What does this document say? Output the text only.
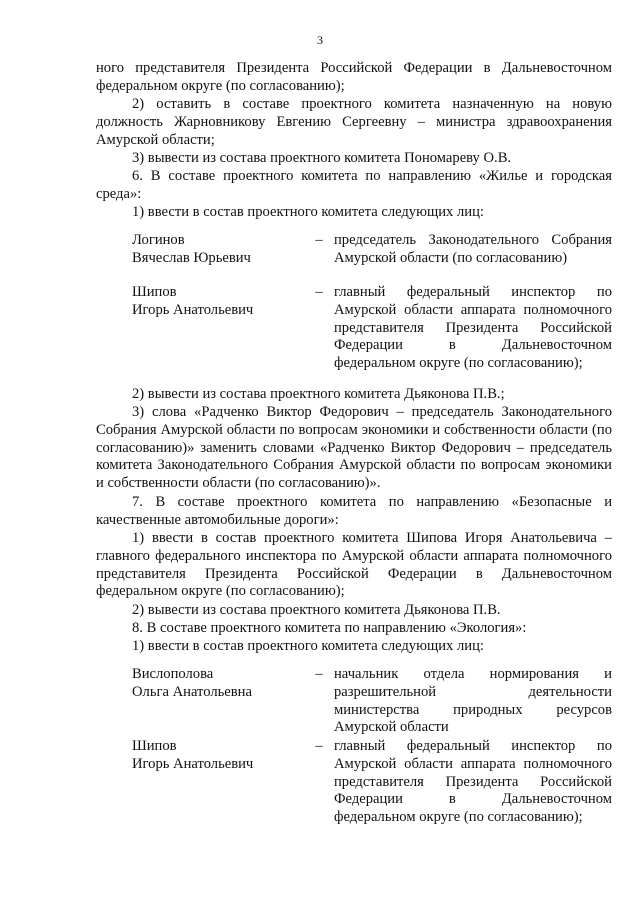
3

ного представителя Президента Российской Федерации в Дальневосточном федеральном округе (по согласованию);

2) оставить в составе проектного комитета назначенную на новую должность Жарновникову Евгению Сергеевну – министра здравоохранения Амурской области;

3) вывести из состава проектного комитета Пономареву О.В.

6. В составе проектного комитета по направлению «Жилье и городская среда»:

1) ввести в состав проектного комитета следующих лиц:

Логинов
Вячеслав Юрьевич
– председатель Законодательного Собрания Амурской области (по согласованию)
Шипов
Игорь Анатольевич
– главный федеральный инспектор по Амурской области аппарата полномочного представителя Президента Российской Федерации в Дальневосточном федеральном округе (по согласованию);

2) вывести из состава проектного комитета Дьяконова П.В.;

3) слова «Радченко Виктор Федорович – председатель Законодательного Собрания Амурской области по вопросам экономики и собственности области (по согласованию)» заменить словами «Радченко Виктор Федорович – председатель комитета Законодательного Собрания Амурской области по вопросам экономики и собственности области (по согласованию)».

7. В составе проектного комитета по направлению «Безопасные и качественные автомобильные дороги»:

1) ввести в состав проектного комитета Шипова Игоря Анатольевича – главного федерального инспектора по Амурской области аппарата полномочного представителя Президента Российской Федерации в Дальневосточном федеральном округе (по согласованию);

2) вывести из состава проектного комитета Дьяконова П.В.

8. В составе проектного комитета по направлению «Экология»:

1) ввести в состав проектного комитета следующих лиц:

Вислополова
Ольга Анатольевна
– начальник отдела нормирования и разрешительной деятельности министерства природных ресурсов Амурской области
Шипов
Игорь Анатольевич
– главный федеральный инспектор по Амурской области аппарата полномочного представителя Президента Российской Федерации в Дальневосточном федеральном округе (по согласованию);
